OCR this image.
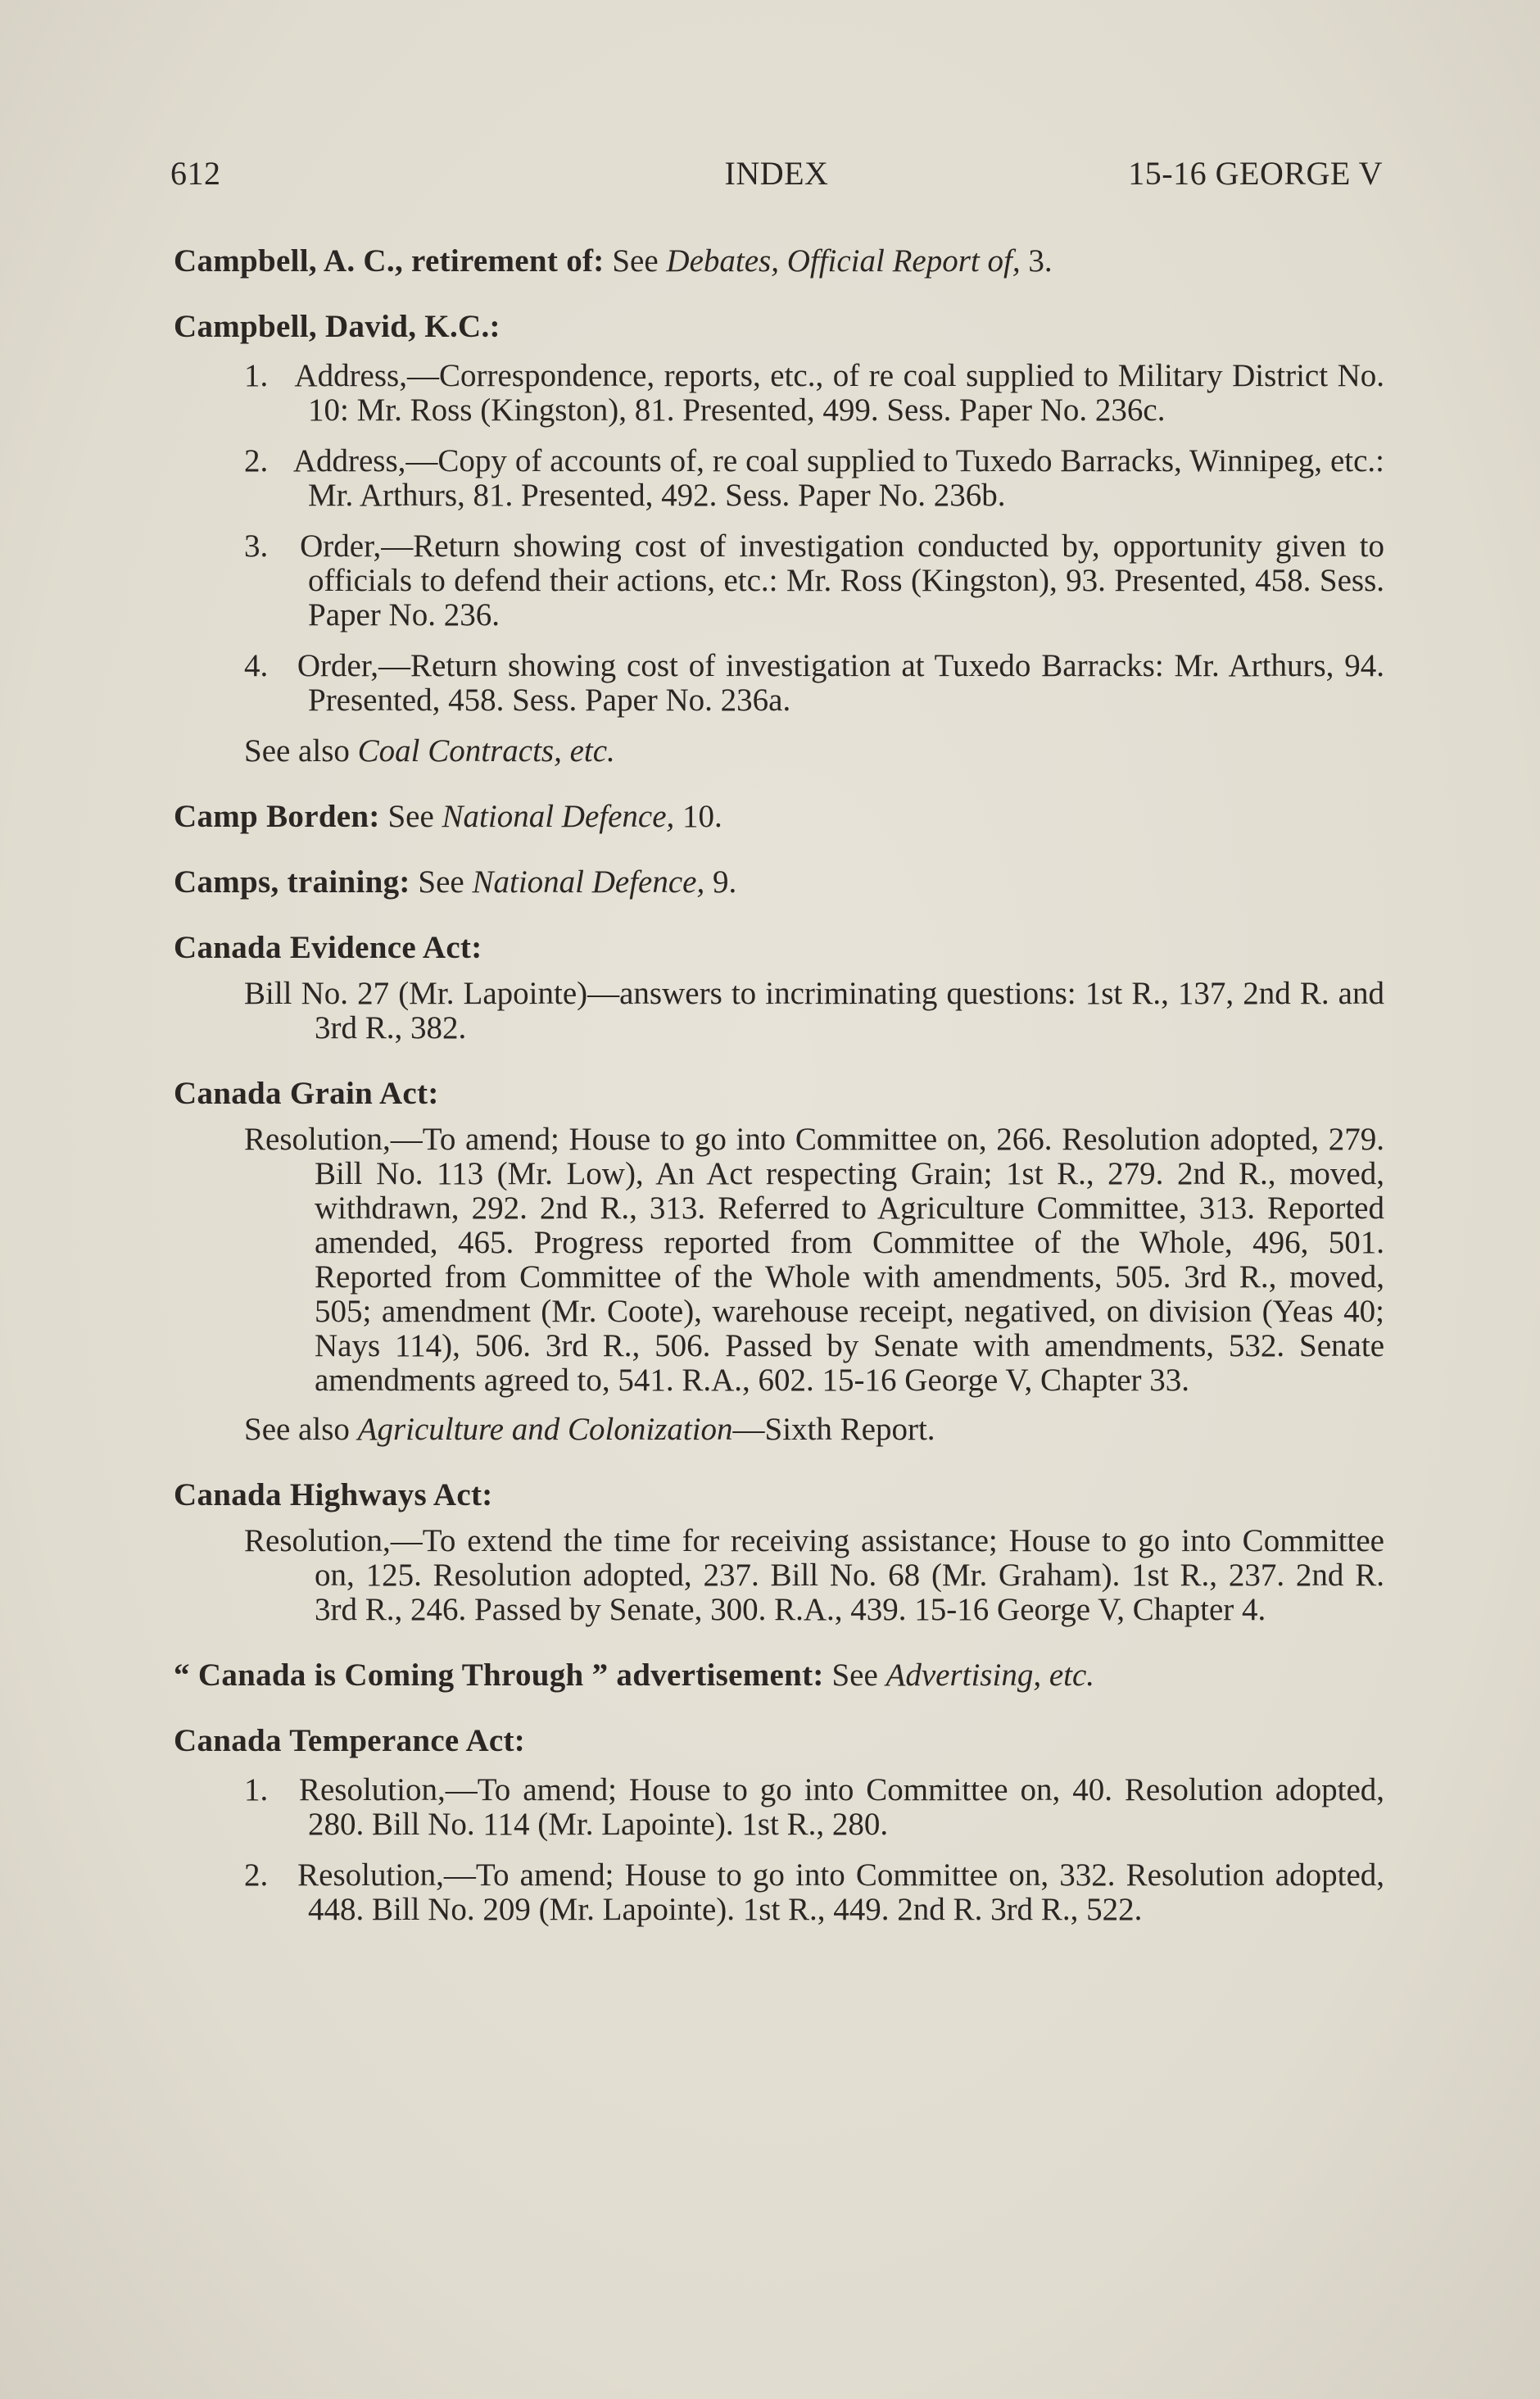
612	INDEX	15-16 GEORGE V
Campbell, A. C., retirement of: See Debates, Official Report of, 3.
Campbell, David, K.C.:
1. Address,—Correspondence, reports, etc., of re coal supplied to Military District No. 10: Mr. Ross (Kingston), 81. Presented, 499. Sess. Paper No. 236c.
2. Address,—Copy of accounts of, re coal supplied to Tuxedo Barracks, Winnipeg, etc.: Mr. Arthurs, 81. Presented, 492. Sess. Paper No. 236b.
3. Order,—Return showing cost of investigation conducted by, opportunity given to officials to defend their actions, etc.: Mr. Ross (Kingston), 93. Presented, 458. Sess. Paper No. 236.
4. Order,—Return showing cost of investigation at Tuxedo Barracks: Mr. Arthurs, 94. Presented, 458. Sess. Paper No. 236a.
See also Coal Contracts, etc.
Camp Borden: See National Defence, 10.
Camps, training: See National Defence, 9.
Canada Evidence Act:
Bill No. 27 (Mr. Lapointe)—answers to incriminating questions: 1st R., 137, 2nd R. and 3rd R., 382.
Canada Grain Act:
Resolution,—To amend; House to go into Committee on, 266. Resolution adopted, 279. Bill No. 113 (Mr. Low), An Act respecting Grain; 1st R., 279. 2nd R., moved, withdrawn, 292. 2nd R., 313. Referred to Agriculture Committee, 313. Reported amended, 465. Progress reported from Committee of the Whole, 496, 501. Reported from Committee of the Whole with amendments, 505. 3rd R., moved, 505; amendment (Mr. Coote), warehouse receipt, negatived, on division (Yeas 40; Nays 114), 506. 3rd R., 506. Passed by Senate with amendments, 532. Senate amendments agreed to, 541. R.A., 602. 15-16 George V, Chapter 33.
See also Agriculture and Colonization—Sixth Report.
Canada Highways Act:
Resolution,—To extend the time for receiving assistance; House to go into Committee on, 125. Resolution adopted, 237. Bill No. 68 (Mr. Graham). 1st R., 237. 2nd R. 3rd R., 246. Passed by Senate, 300. R.A., 439. 15-16 George V, Chapter 4.
“ Canada is Coming Through ” advertisement: See Advertising, etc.
Canada Temperance Act:
1. Resolution,—To amend; House to go into Committee on, 40. Resolution adopted, 280. Bill No. 114 (Mr. Lapointe). 1st R., 280.
2. Resolution,—To amend; House to go into Committee on, 332. Resolution adopted, 448. Bill No. 209 (Mr. Lapointe). 1st R., 449. 2nd R. 3rd R., 522.
